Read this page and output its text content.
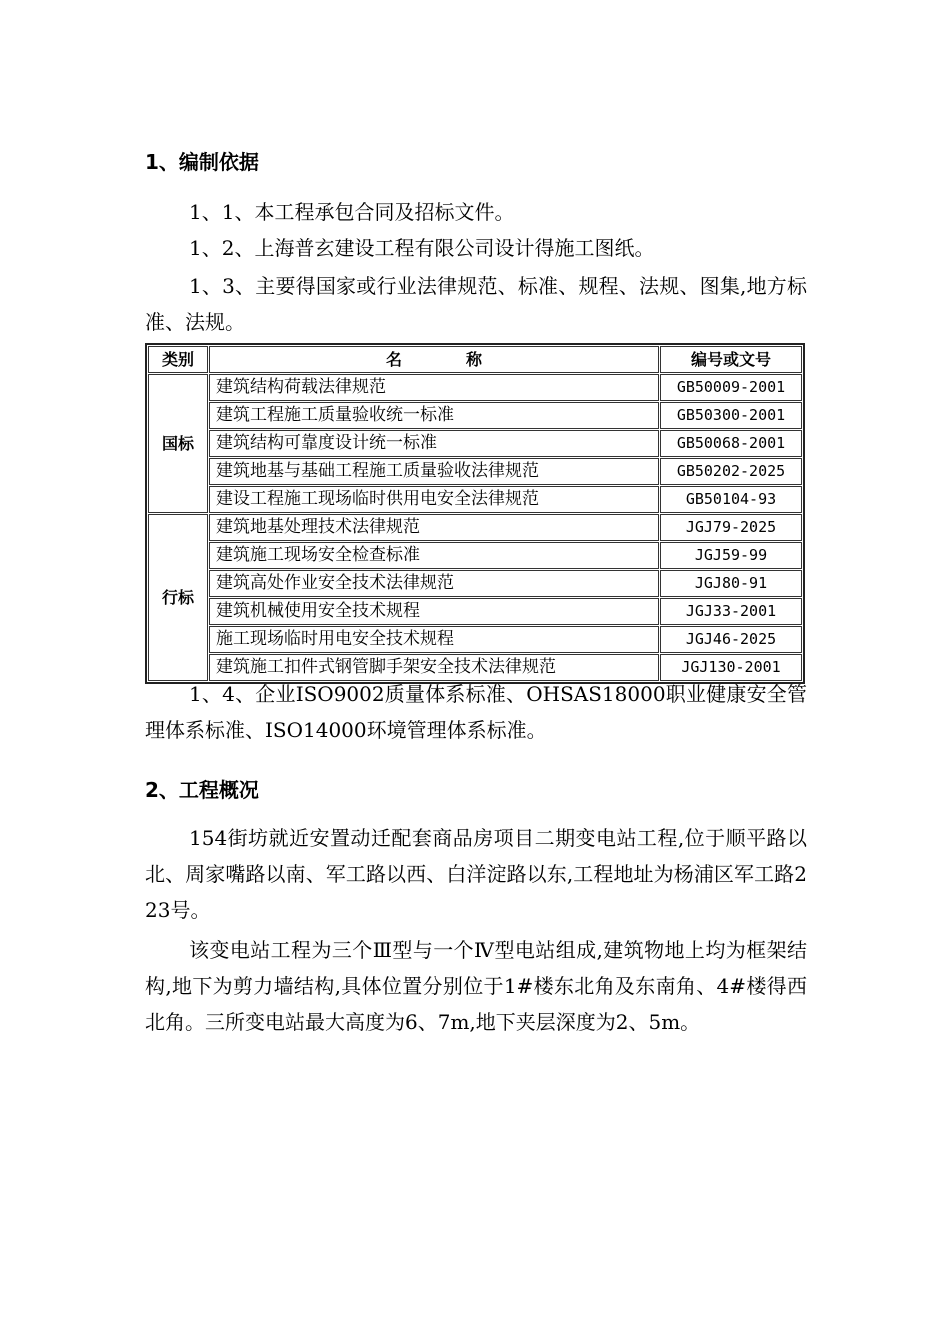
1、编制依据
1、1、本工程承包合同及招标文件。
1、2、上海普玄建设工程有限公司设计得施工图纸。
1、3、主要得国家或行业法律规范、标准、规程、法规、图集,地方标准、法规。
类别	名　　　　称	编号或文号
国标	建筑结构荷载法律规范	GB50009-2001
	建筑工程施工质量验收统一标准	GB50300-2001
	建筑结构可靠度设计统一标准	GB50068-2001
	建筑地基与基础工程施工质量验收法律规范	GB50202-2025
	建设工程施工现场临时供用电安全法律规范	GB50104-93
行标	建筑地基处理技术法律规范	JGJ79-2025
	建筑施工现场安全检查标准	JGJ59-99
	建筑高处作业安全技术法律规范	JGJ80-91
	建筑机械使用安全技术规程	JGJ33-2001
	施工现场临时用电安全技术规程	JGJ46-2025
	建筑施工扣件式钢管脚手架安全技术法律规范	JGJ130-2001
1、4、企业ISO9002质量体系标准、OHSAS18000职业健康安全管理体系标准、ISO14000环境管理体系标准。
2、工程概况
154街坊就近安置动迁配套商品房项目二期变电站工程,位于顺平路以北、周家嘴路以南、军工路以西、白洋淀路以东,工程地址为杨浦区军工路223号。
该变电站工程为三个Ⅲ型与一个Ⅳ型电站组成,建筑物地上均为框架结构,地下为剪力墙结构,具体位置分别位于1#楼东北角及东南角、4#楼得西北角。三所变电站最大高度为6、7m,地下夹层深度为2、5m。
